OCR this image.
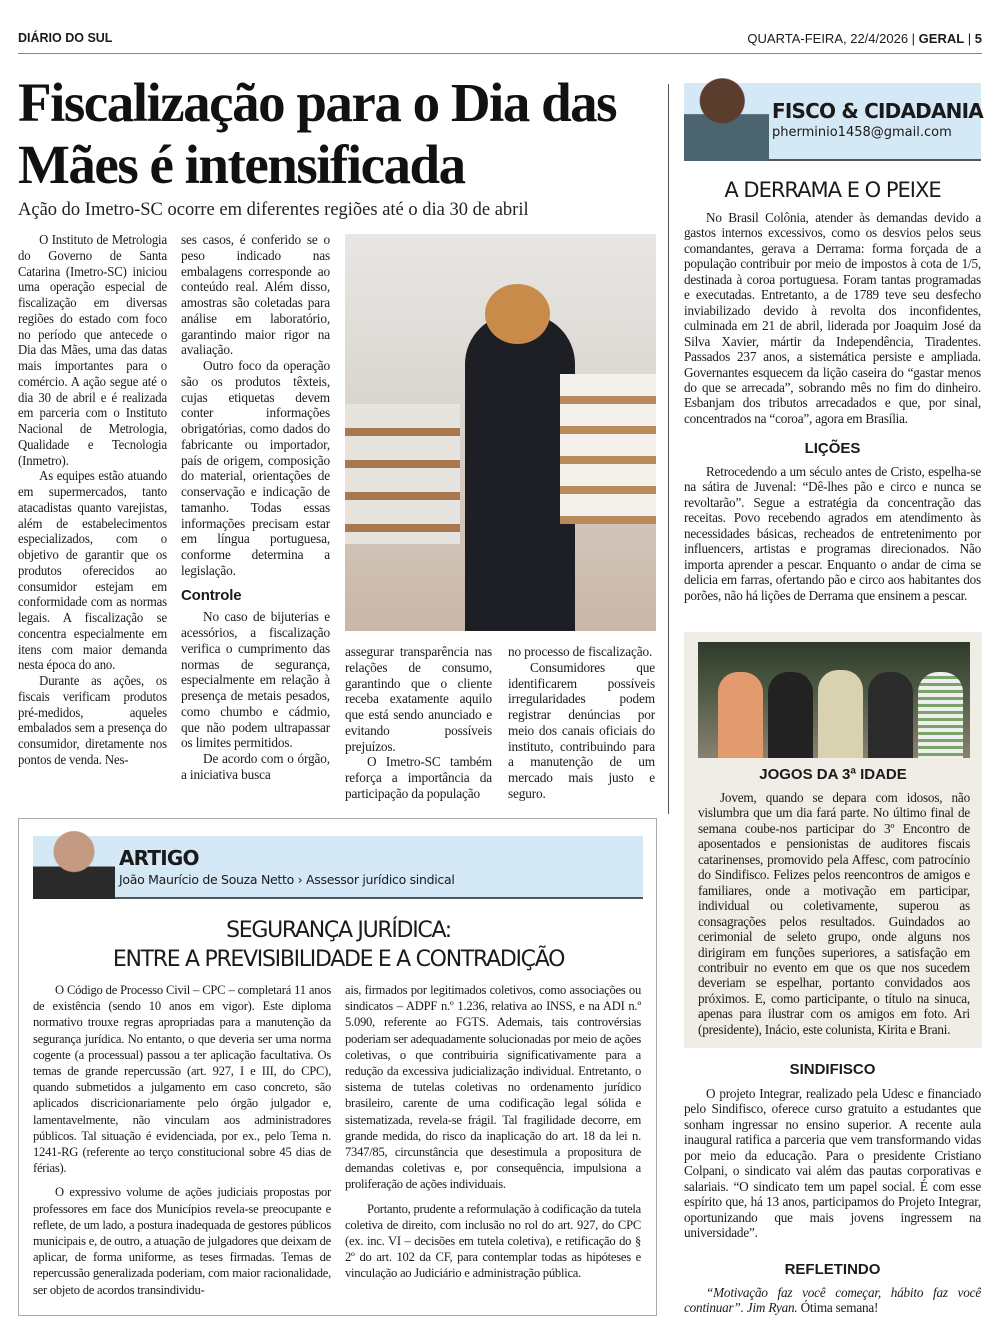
DIÁRIO DO SUL	QUARTA-FEIRA, 22/4/2026 | GERAL | 5
Fiscalização para o Dia das Mães é intensificada
Ação do Imetro-SC ocorre em diferentes regiões até o dia 30 de abril

O Instituto de Metrologia do Governo de Santa Catarina (Imetro-SC) iniciou uma operação especial de fiscalização em diversas regiões do estado com foco no período que antecede o Dia das Mães, uma das datas mais importantes para o comércio. A ação segue até o dia 30 de abril e é realizada em parceria com o Instituto Nacional de Metrologia, Qualidade e Tecnologia (Inmetro).

As equipes estão atuando em supermercados, tanto atacadistas quanto varejistas, além de estabelecimentos especializados, com o objetivo de garantir que os produtos oferecidos ao consumidor estejam em conformidade com as normas legais. A fiscalização se concentra especialmente em itens com maior demanda nesta época do ano.

Durante as ações, os fiscais verificam produtos pré-medidos, aqueles embalados sem a presença do consumidor, diretamente nos pontos de venda. Nes-

ses casos, é conferido se o peso indicado nas embalagens corresponde ao conteúdo real. Além disso, amostras são coletadas para análise em laboratório, garantindo maior rigor na avaliação.

Outro foco da operação são os produtos têxteis, cujas etiquetas devem conter informações obrigatórias, como dados do fabricante ou importador, país de origem, composição do material, orientações de conservação e indicação de tamanho. Todas essas informações precisam estar em língua portuguesa, conforme determina a legislação.

Controle

No caso de bijuterias e acessórios, a fiscalização verifica o cumprimento das normas de segurança, especialmente em relação à presença de metais pesados, como chumbo e cádmio, que não podem ultrapassar os limites permitidos.

De acordo com o órgão, a iniciativa busca

assegurar transparência nas relações de consumo, garantindo que o cliente receba exatamente aquilo que está sendo anunciado e evitando possíveis prejuízos.

O Imetro-SC também reforça a importância da participação da população

no processo de fiscalização.

Consumidores que identificarem possíveis irregularidades podem registrar denúncias por meio dos canais oficiais do instituto, contribuindo para a manutenção de um mercado mais justo e seguro.

FISCO & CIDADANIA
pherminio1458@gmail.com
A DERRAMA E O PEIXE

No Brasil Colônia, atender às demandas devido a gastos internos excessivos, como os desvios pelos seus comandantes, gerava a Derrama: forma forçada de a população contribuir por meio de impostos à cota de 1/5, destinada à coroa portuguesa. Foram tantas programadas e executadas. Entretanto, a de 1789 teve seu desfecho inviabilizado devido à revolta dos inconfidentes, culminada em 21 de abril, liderada por Joaquim José da Silva Xavier, mártir da Independência, Tiradentes. Passados 237 anos, a sistemática persiste e ampliada. Governantes esquecem da lição caseira do “gastar menos do que se arrecada”, sobrando mês no fim do dinheiro. Esbanjam dos tributos arrecadados e que, por sinal, concentrados na “coroa”, agora em Brasília.

LIÇÕES

Retrocedendo a um século antes de Cristo, espelha-se na sátira de Juvenal: “Dê-lhes pão e circo e nunca se revoltarão”. Segue a estratégia da concentração das receitas. Povo recebendo agrados em atendimento às necessidades básicas, recheados de entretenimento por influencers, artistas e programas direcionados. Não importa aprender a pescar. Enquanto o andar de cima se delicia em farras, ofertando pão e circo aos habitantes dos porões, não há lições de Derrama que ensinem a pescar.

JOGOS DA 3ª IDADE

Jovem, quando se depara com idosos, não vislumbra que um dia fará parte. No último final de semana coube-nos participar do 3º Encontro de aposentados e pensionistas de auditores fiscais catarinenses, promovido pela Affesc, com patrocínio do Sindifisco. Felizes pelos reencontros de amigos e familiares, onde a motivação em participar, individual ou coletivamente, superou as consagrações pelos resultados. Guindados ao cerimonial de seleto grupo, onde alguns nos dirigiram em funções superiores, a satisfação em contribuir no evento em que os que nos sucedem deveriam se espelhar, portanto convidados aos próximos. E, como participante, o título na sinuca, apenas para ilustrar com os amigos em foto. Ari (presidente), Inácio, este colunista, Kirita e Brani.

SINDIFISCO

O projeto Integrar, realizado pela Udesc e financiado pelo Sindifisco, oferece curso gratuito a estudantes que sonham ingressar no ensino superior. A recente aula inaugural ratifica a parceria que vem transformando vidas por meio da educação. Para o presidente Cristiano Colpani, o sindicato vai além das pautas corporativas e salariais. “O sindicato tem um papel social. É com esse espírito que, há 13 anos, participamos do Projeto Integrar, oportunizando que mais jovens ingressem na universidade”.

REFLETINDO

“Motivação faz você começar, hábito faz você continuar”. Jim Ryan. Ótima semana!

ARTIGO
João Maurício de Souza Netto › Assessor jurídico sindical
SEGURANÇA JURÍDICA:
ENTRE A PREVISIBILIDADE E A CONTRADIÇÃO

O Código de Processo Civil – CPC – completará 11 anos de existência (sendo 10 anos em vigor). Este diploma normativo trouxe regras apropriadas para a manutenção da segurança jurídica. No entanto, o que deveria ser uma norma cogente (a processual) passou a ter aplicação facultativa. Os temas de grande repercussão (art. 927, I e III, do CPC), quando submetidos a julgamento em caso concreto, são aplicados discricionariamente pelo órgão julgador e, lamentavelmente, não vinculam aos administradores públicos. Tal situação é evidenciada, por ex., pelo Tema n. 1241-RG (referente ao terço constitucional sobre 45 dias de férias).

O expressivo volume de ações judiciais propostas por professores em face dos Municípios revela-se preocupante e reflete, de um lado, a postura inadequada de gestores públicos municipais e, de outro, a atuação de julgadores que deixam de aplicar, de forma uniforme, as teses firmadas. Temas de repercussão generalizada poderiam, com maior racionalidade, ser objeto de acordos transindividu-

ais, firmados por legitimados coletivos, como associações ou sindicatos – ADPF n.º 1.236, relativa ao INSS, e na ADI n.º 5.090, referente ao FGTS. Ademais, tais controvérsias poderiam ser adequadamente solucionadas por meio de ações coletivas, o que contribuiria significativamente para a redução da excessiva judicialização individual. Entretanto, o sistema de tutelas coletivas no ordenamento jurídico brasileiro, carente de uma codificação legal sólida e sistematizada, revela-se frágil. Tal fragilidade decorre, em grande medida, do risco da inaplicação do art. 18 da lei n. 7347/85, circunstância que desestimula a propositura de demandas coletivas e, por consequência, impulsiona a proliferação de ações individuais.

Portanto, prudente a reformulação à codificação da tutela coletiva de direito, com inclusão no rol do art. 927, do CPC (ex. inc. VI – decisões em tutela coletiva), e retificação do § 2º do art. 102 da CF, para contemplar todas as hipóteses e vinculação ao Judiciário e administração pública.
